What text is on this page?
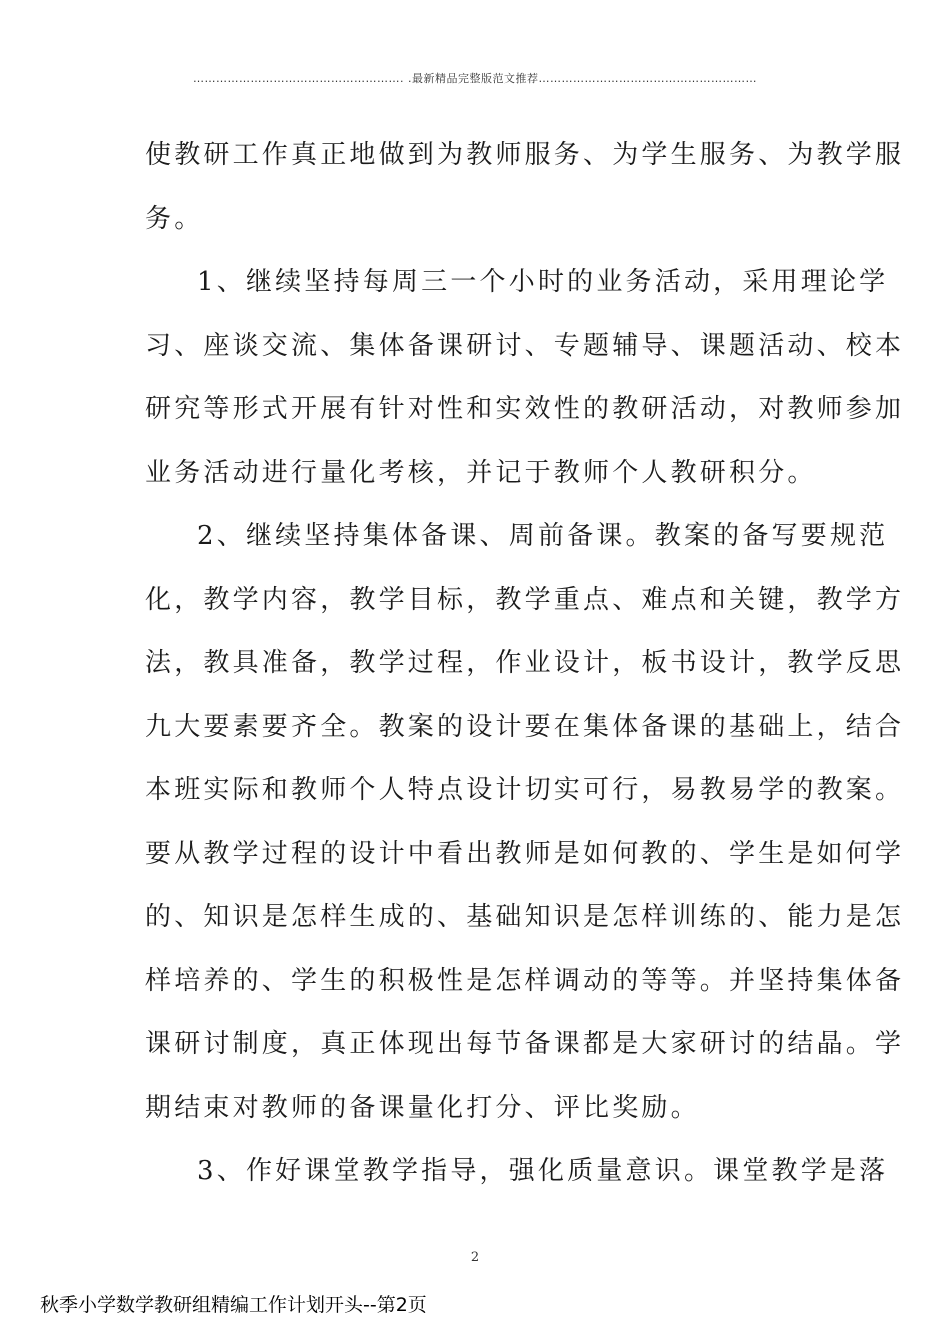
………………………………………………. .最新精品完整版范文推荐…………………………………………………
使教研工作真正地做到为教师服务、为学生服务、为教学服
务。
1、继续坚持每周三一个小时的业务活动，采用理论学
习、座谈交流、集体备课研讨、专题辅导、课题活动、校本
研究等形式开展有针对性和实效性的教研活动，对教师参加
业务活动进行量化考核，并记于教师个人教研积分。
2、继续坚持集体备课、周前备课。教案的备写要规范
化，教学内容，教学目标，教学重点、难点和关键，教学方
法，教具准备，教学过程，作业设计，板书设计，教学反思
九大要素要齐全。教案的设计要在集体备课的基础上，结合
本班实际和教师个人特点设计切实可行，易教易学的教案。
要从教学过程的设计中看出教师是如何教的、学生是如何学
的、知识是怎样生成的、基础知识是怎样训练的、能力是怎
样培养的、学生的积极性是怎样调动的等等。并坚持集体备
课研讨制度，真正体现出每节备课都是大家研讨的结晶。学
期结束对教师的备课量化打分、评比奖励。
3、作好课堂教学指导，强化质量意识。课堂教学是落
2
秋季小学数学教研组精编工作计划开头--第2页
